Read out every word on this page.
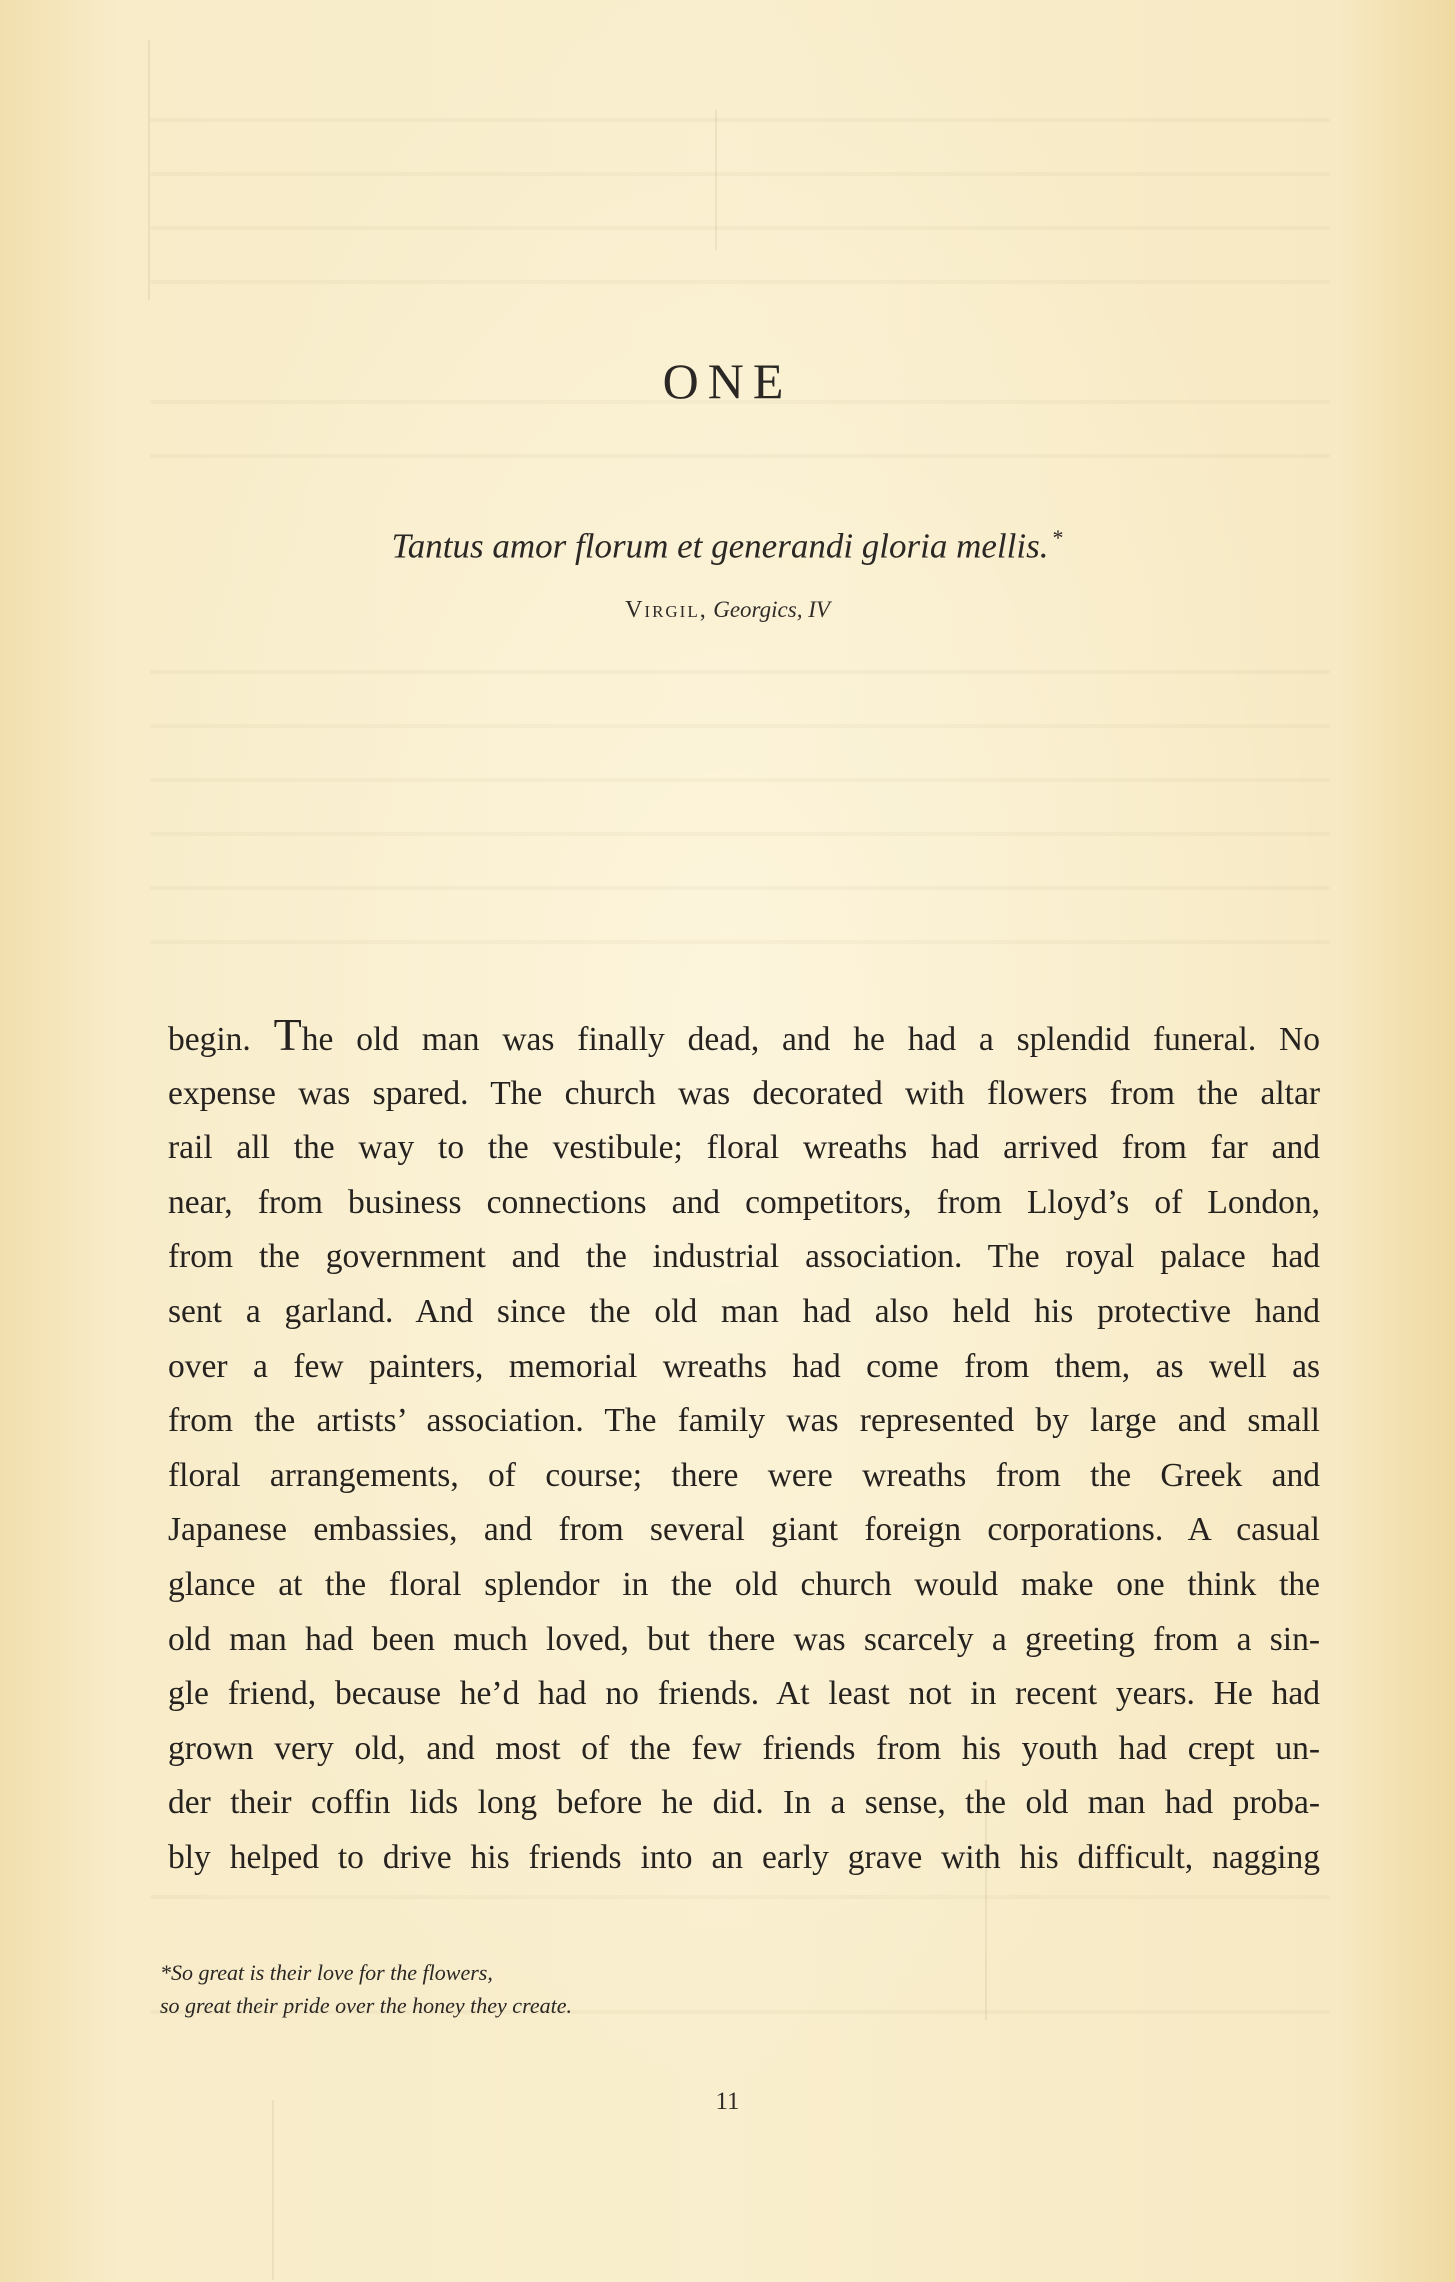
ONE
Tantus amor florum et generandi gloria mellis. *
Virgil, Georgics, IV
begin. The old man was finally dead, and he had a splendid funeral. No
expense was spared. The church was decorated with flowers from the altar
rail all the way to the vestibule; floral wreaths had arrived from far and
near, from business connections and competitors, from Lloyd’s of London,
from the government and the industrial association. The royal palace had
sent a garland. And since the old man had also held his protective hand
over a few painters, memorial wreaths had come from them, as well as
from the artists’ association. The family was represented by large and small
floral arrangements, of course; there were wreaths from the Greek and
Japanese embassies, and from several giant foreign corporations. A casual
glance at the floral splendor in the old church would make one think the
old man had been much loved, but there was scarcely a greeting from a sin-
gle friend, because he’d had no friends. At least not in recent years. He had
grown very old, and most of the few friends from his youth had crept un-
der their coffin lids long before he did. In a sense, the old man had proba-
bly helped to drive his friends into an early grave with his difficult, nagging
*So great is their love for the flowers,
so great their pride over the honey they create.
11
